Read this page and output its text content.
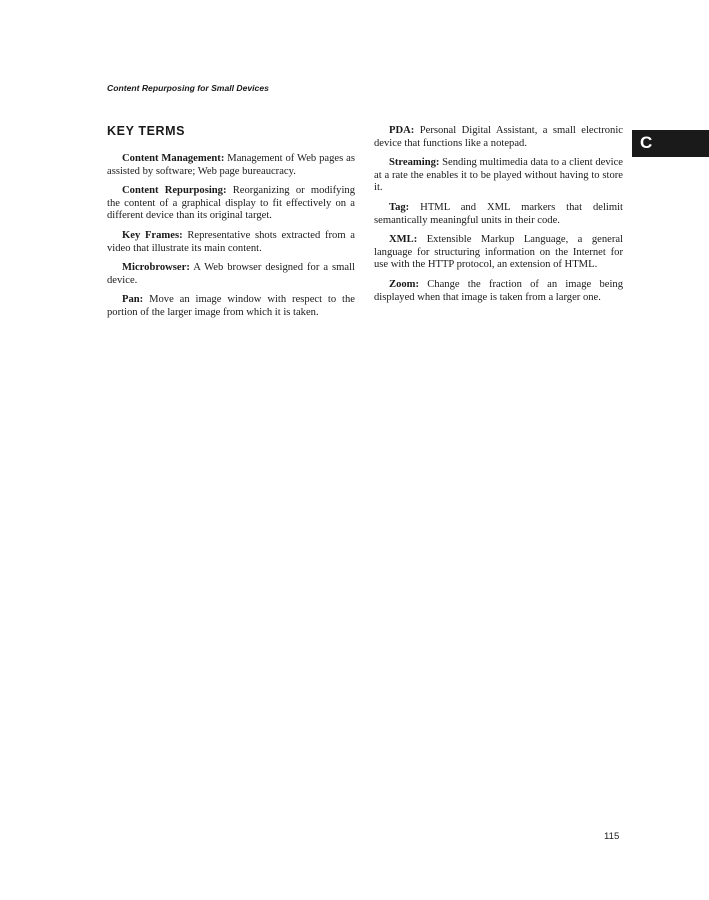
Content Repurposing for Small Devices
KEY TERMS
C

Content Management: Management of Web pages as assisted by software; Web page bureaucracy.

Content Repurposing: Reorganizing or modifying the content of a graphical display to fit effectively on a different device than its original target.

Key Frames: Representative shots extracted from a video that illustrate its main content.

Microbrowser: A Web browser designed for a small device.

Pan: Move an image window with respect to the portion of the larger image from which it is taken.

PDA: Personal Digital Assistant, a small electronic device that functions like a notepad.

Streaming: Sending multimedia data to a client device at a rate the enables it to be played without having to store it.

Tag: HTML and XML markers that delimit semantically meaningful units in their code.

XML: Extensible Markup Language, a general language for structuring information on the Internet for use with the HTTP protocol, an extension of HTML.

Zoom: Change the fraction of an image being displayed when that image is taken from a larger one.

115
